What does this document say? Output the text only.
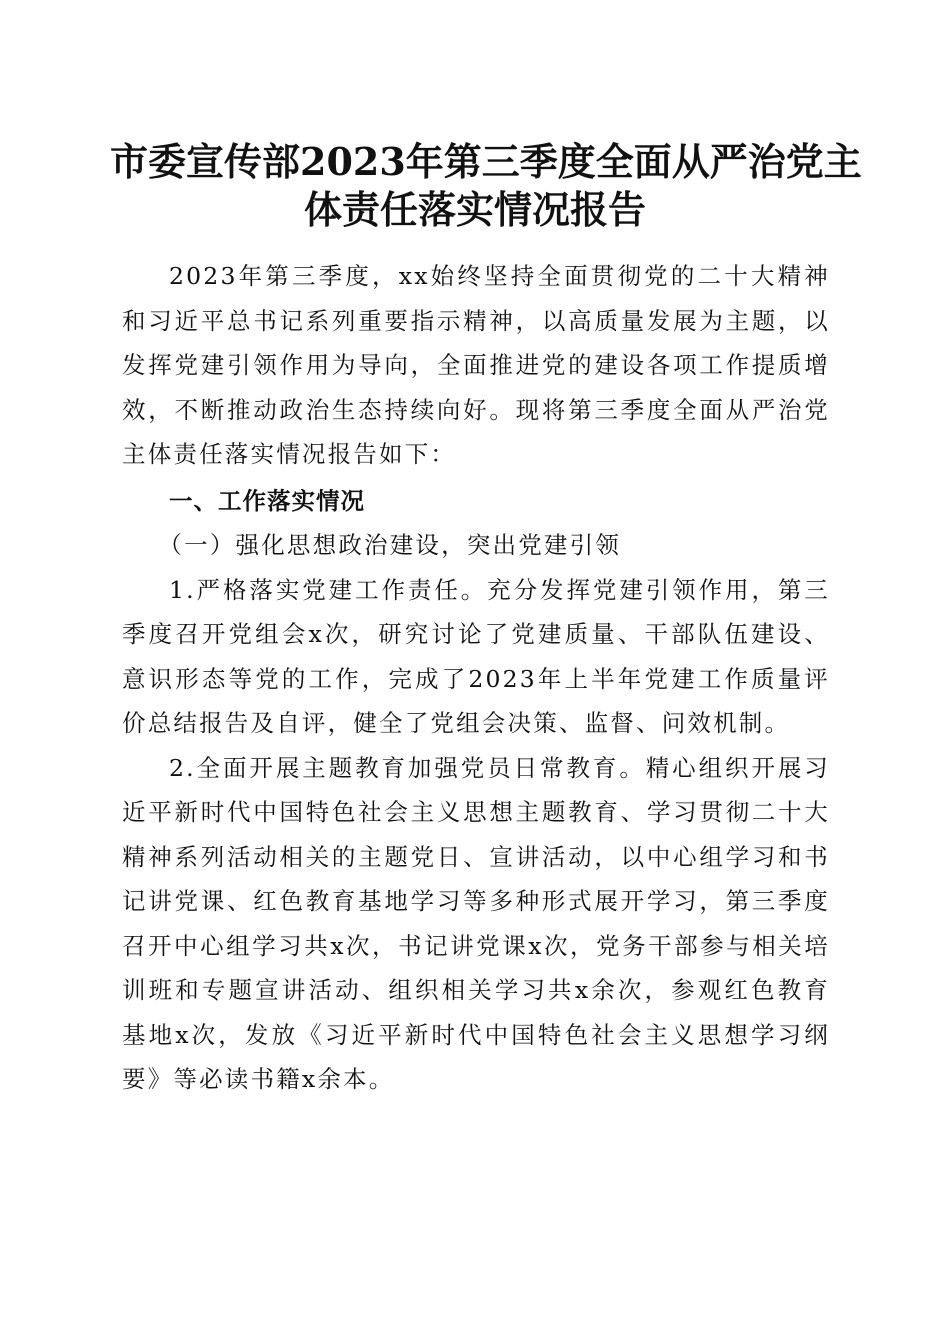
市委宣传部2023年第三季度全面从严治党主
体责任落实情况报告

2023年第三季度，xx始终坚持全面贯彻党的二十大精神和习近平总书记系列重要指示精神，以高质量发展为主题，以发挥党建引领作用为导向，全面推进党的建设各项工作提质增效，不断推动政治生态持续向好。现将第三季度全面从严治党主体责任落实情况报告如下：

一、工作落实情况

（一）强化思想政治建设，突出党建引领

1.严格落实党建工作责任。充分发挥党建引领作用，第三季度召开党组会x次，研究讨论了党建质量、干部队伍建设、意识形态等党的工作，完成了2023年上半年党建工作质量评价总结报告及自评，健全了党组会决策、监督、问效机制。

2.全面开展主题教育加强党员日常教育。精心组织开展习近平新时代中国特色社会主义思想主题教育、学习贯彻二十大精神系列活动相关的主题党日、宣讲活动，以中心组学习和书记讲党课、红色教育基地学习等多种形式展开学习，第三季度召开中心组学习共x次，书记讲党课x次，党务干部参与相关培训班和专题宣讲活动、组织相关学习共x余次，参观红色教育基地x次，发放《习近平新时代中国特色社会主义思想学习纲要》等必读书籍x余本。
